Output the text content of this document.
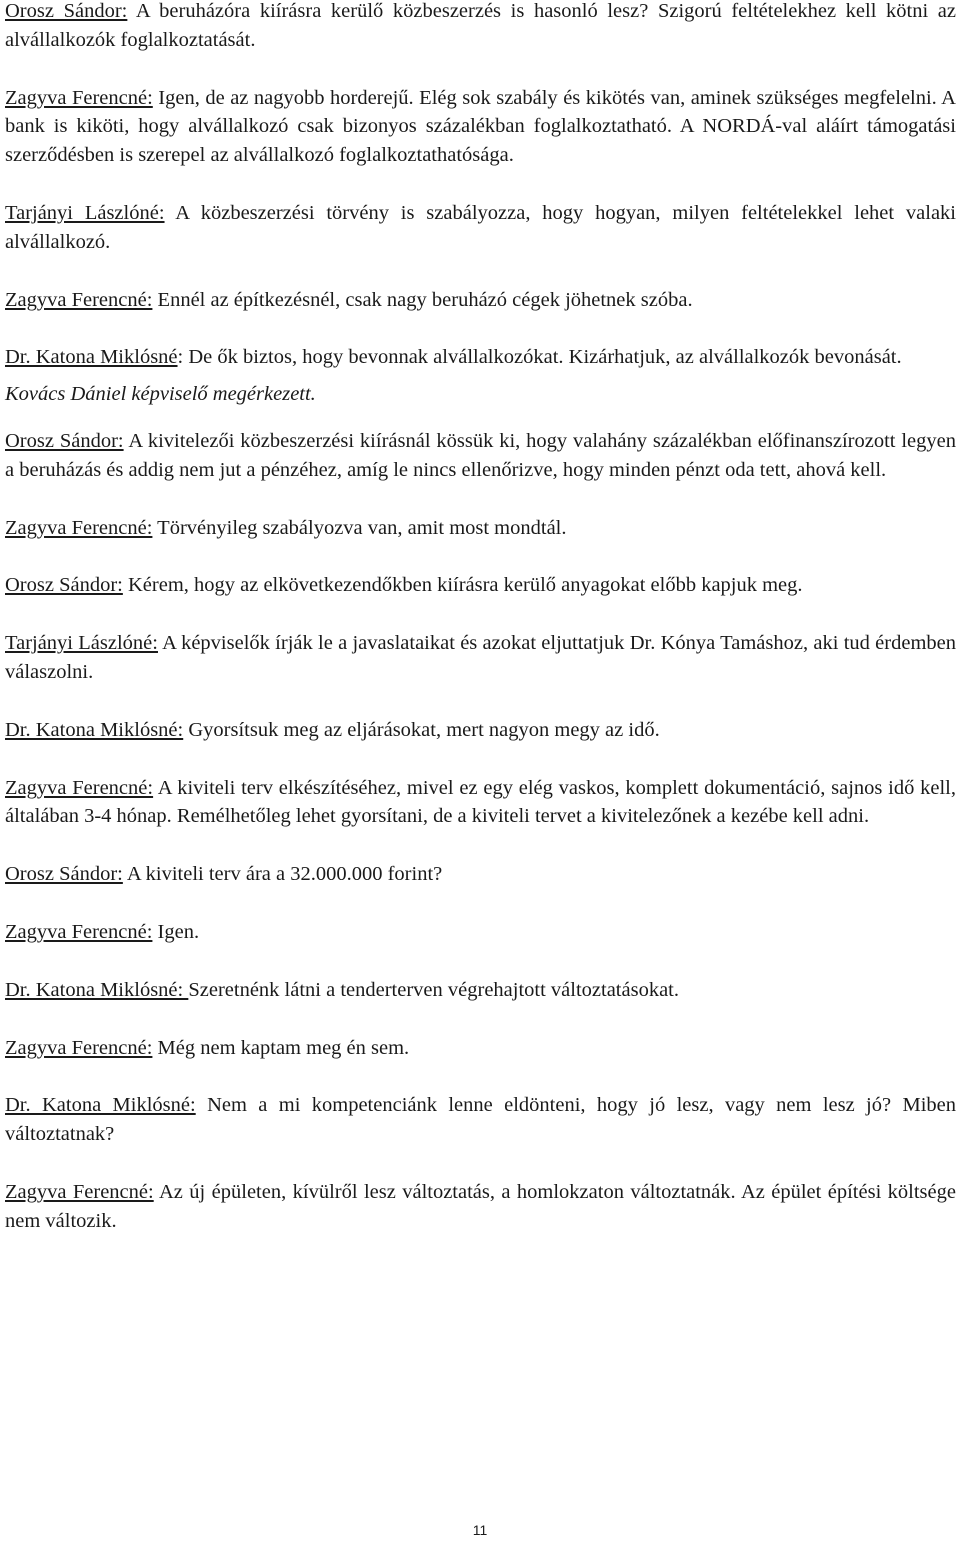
Orosz Sándor: A beruházóra kiírásra kerülő közbeszerzés is hasonló lesz? Szigorú feltételekhez kell kötni az alvállalkozók foglalkoztatását.

Zagyva Ferencné: Igen, de az nagyobb horderejű. Elég sok szabály és kikötés van, aminek szükséges megfelelni. A bank is kiköti, hogy alvállalkozó csak bizonyos százalékban foglalkoztatható. A NORDÁ-val aláírt támogatási szerződésben is szerepel az alvállalkozó foglalkoztathatósága.

Tarjányi Lászlóné: A közbeszerzési törvény is szabályozza, hogy hogyan, milyen feltételekkel lehet valaki alvállalkozó.

Zagyva Ferencné: Ennél az építkezésnél, csak nagy beruházó cégek jöhetnek szóba.

Dr. Katona Miklósné: De ők biztos, hogy bevonnak alvállalkozókat. Kizárhatjuk, az alvállalkozók bevonását.

Kovács Dániel képviselő megérkezett.

Orosz Sándor: A kivitelezői közbeszerzési kiírásnál kössük ki, hogy valahány százalékban előfinanszírozott legyen a beruházás és addig nem jut a pénzéhez, amíg le nincs ellenőrizve, hogy minden pénzt oda tett, ahová kell.

Zagyva Ferencné: Törvényileg szabályozva van, amit most mondtál.

Orosz Sándor: Kérem, hogy az elkövetkezendőkben kiírásra kerülő anyagokat előbb kapjuk meg.

Tarjányi Lászlóné: A képviselők írják le a javaslataikat és azokat eljuttatjuk Dr. Kónya Tamáshoz, aki tud érdemben válaszolni.

Dr. Katona Miklósné: Gyorsítsuk meg az eljárásokat, mert nagyon megy az idő.

Zagyva Ferencné: A kiviteli terv elkészítéséhez, mivel ez egy elég vaskos, komplett dokumentáció, sajnos idő kell, általában 3-4 hónap. Remélhetőleg lehet gyorsítani, de a kiviteli tervet a kivitelezőnek a kezébe kell adni.

Orosz Sándor: A kiviteli terv ára a 32.000.000 forint?

Zagyva Ferencné: Igen.

Dr. Katona Miklósné: Szeretnénk látni a tenderterven végrehajtott változtatásokat.

Zagyva Ferencné: Még nem kaptam meg én sem.

Dr. Katona Miklósné: Nem a mi kompetenciánk lenne eldönteni, hogy jó lesz, vagy nem lesz jó? Miben változtatnak?

Zagyva Ferencné: Az új épületen, kívülről lesz változtatás, a homlokzaton változtatnák. Az épület építési költsége nem változik.

11
